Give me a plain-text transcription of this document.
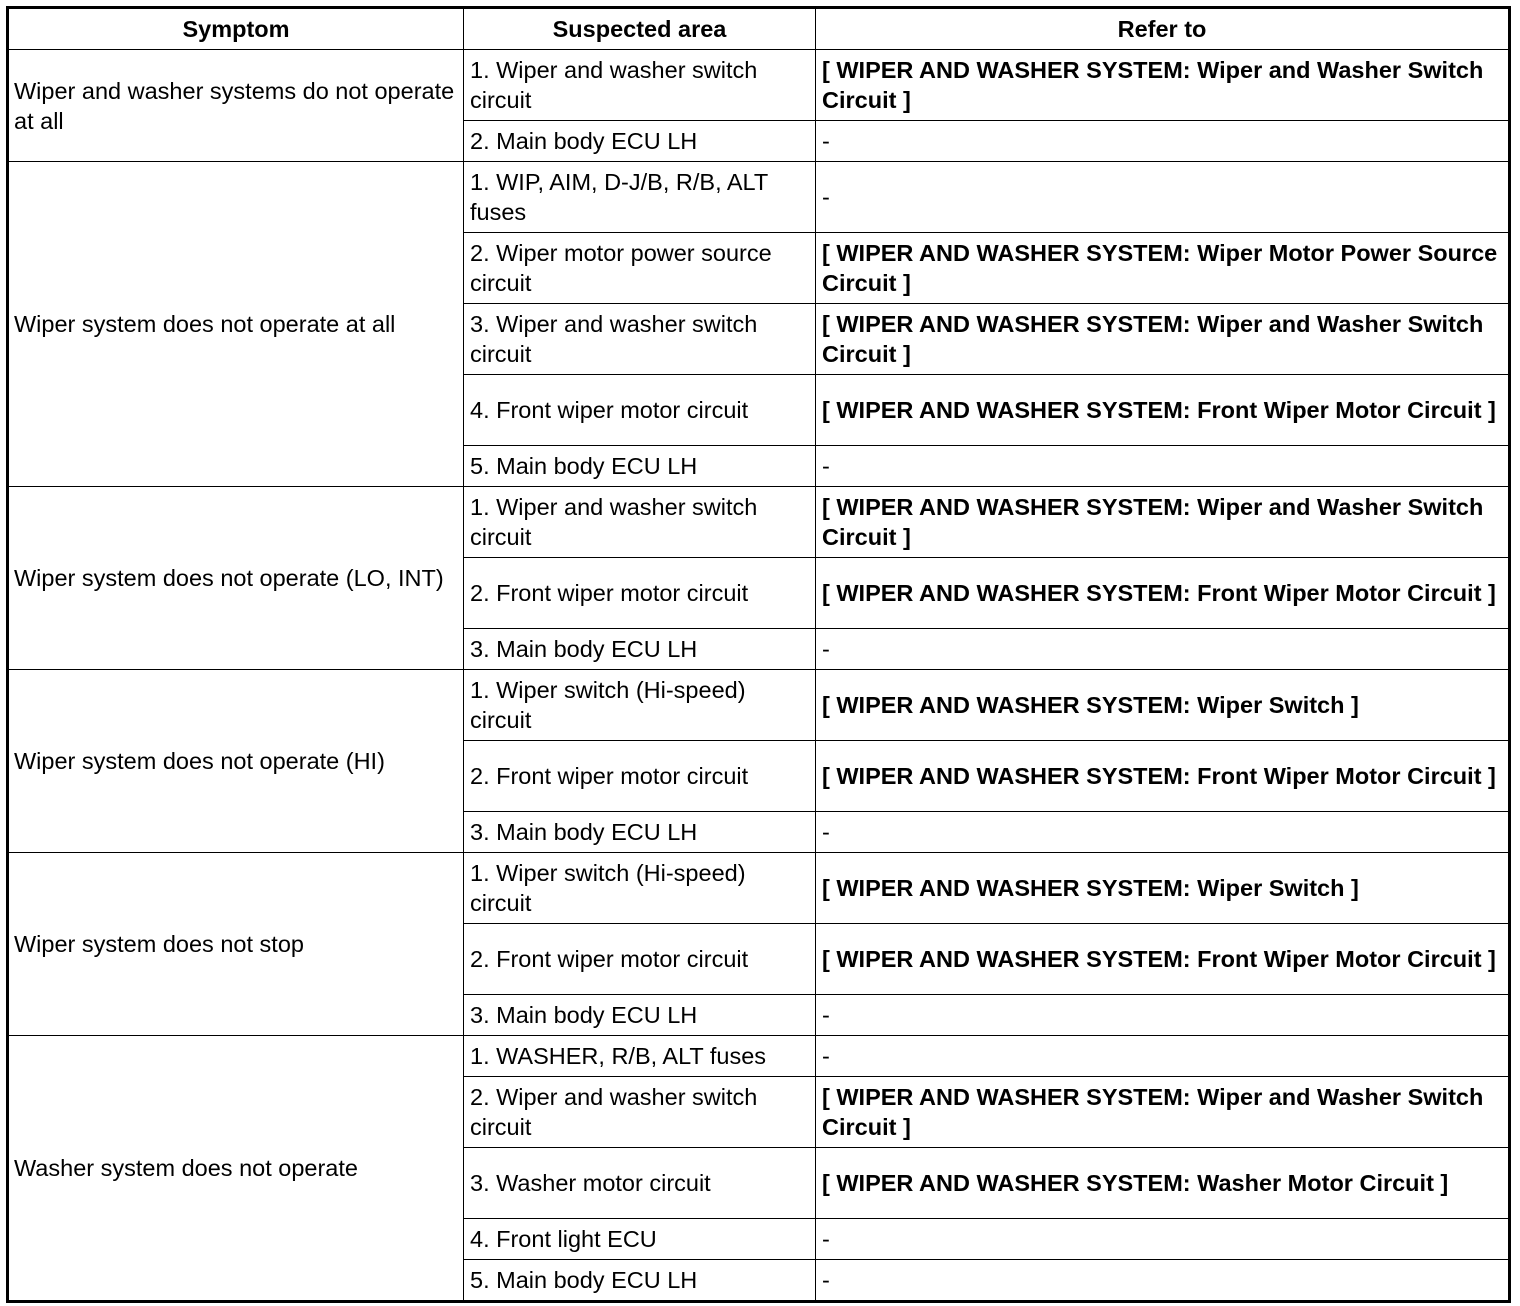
Symptom	Suspected area	Refer to
Wiper and washer systems do not operate at all	1. Wiper and washer switch circuit	[ WIPER AND WASHER SYSTEM: Wiper and Washer Switch Circuit ]
	2. Main body ECU LH	-
Wiper system does not operate at all	1. WIP, AIM, D-J/B, R/B, ALT fuses	-
	2. Wiper motor power source circuit	[ WIPER AND WASHER SYSTEM: Wiper Motor Power Source Circuit ]
	3. Wiper and washer switch circuit	[ WIPER AND WASHER SYSTEM: Wiper and Washer Switch Circuit ]
	4. Front wiper motor circuit	[ WIPER AND WASHER SYSTEM: Front Wiper Motor Circuit ]
	5. Main body ECU LH	-
Wiper system does not operate (LO, INT)	1. Wiper and washer switch circuit	[ WIPER AND WASHER SYSTEM: Wiper and Washer Switch Circuit ]
	2. Front wiper motor circuit	[ WIPER AND WASHER SYSTEM: Front Wiper Motor Circuit ]
	3. Main body ECU LH	-
Wiper system does not operate (HI)	1. Wiper switch (Hi-speed) circuit	[ WIPER AND WASHER SYSTEM: Wiper Switch ]
	2. Front wiper motor circuit	[ WIPER AND WASHER SYSTEM: Front Wiper Motor Circuit ]
	3. Main body ECU LH	-
Wiper system does not stop	1. Wiper switch (Hi-speed) circuit	[ WIPER AND WASHER SYSTEM: Wiper Switch ]
	2. Front wiper motor circuit	[ WIPER AND WASHER SYSTEM: Front Wiper Motor Circuit ]
	3. Main body ECU LH	-
Washer system does not operate	1. WASHER, R/B, ALT fuses	-
	2. Wiper and washer switch circuit	[ WIPER AND WASHER SYSTEM: Wiper and Washer Switch Circuit ]
	3. Washer motor circuit	[ WIPER AND WASHER SYSTEM: Washer Motor Circuit ]
	4. Front light ECU	-
	5. Main body ECU LH	-
